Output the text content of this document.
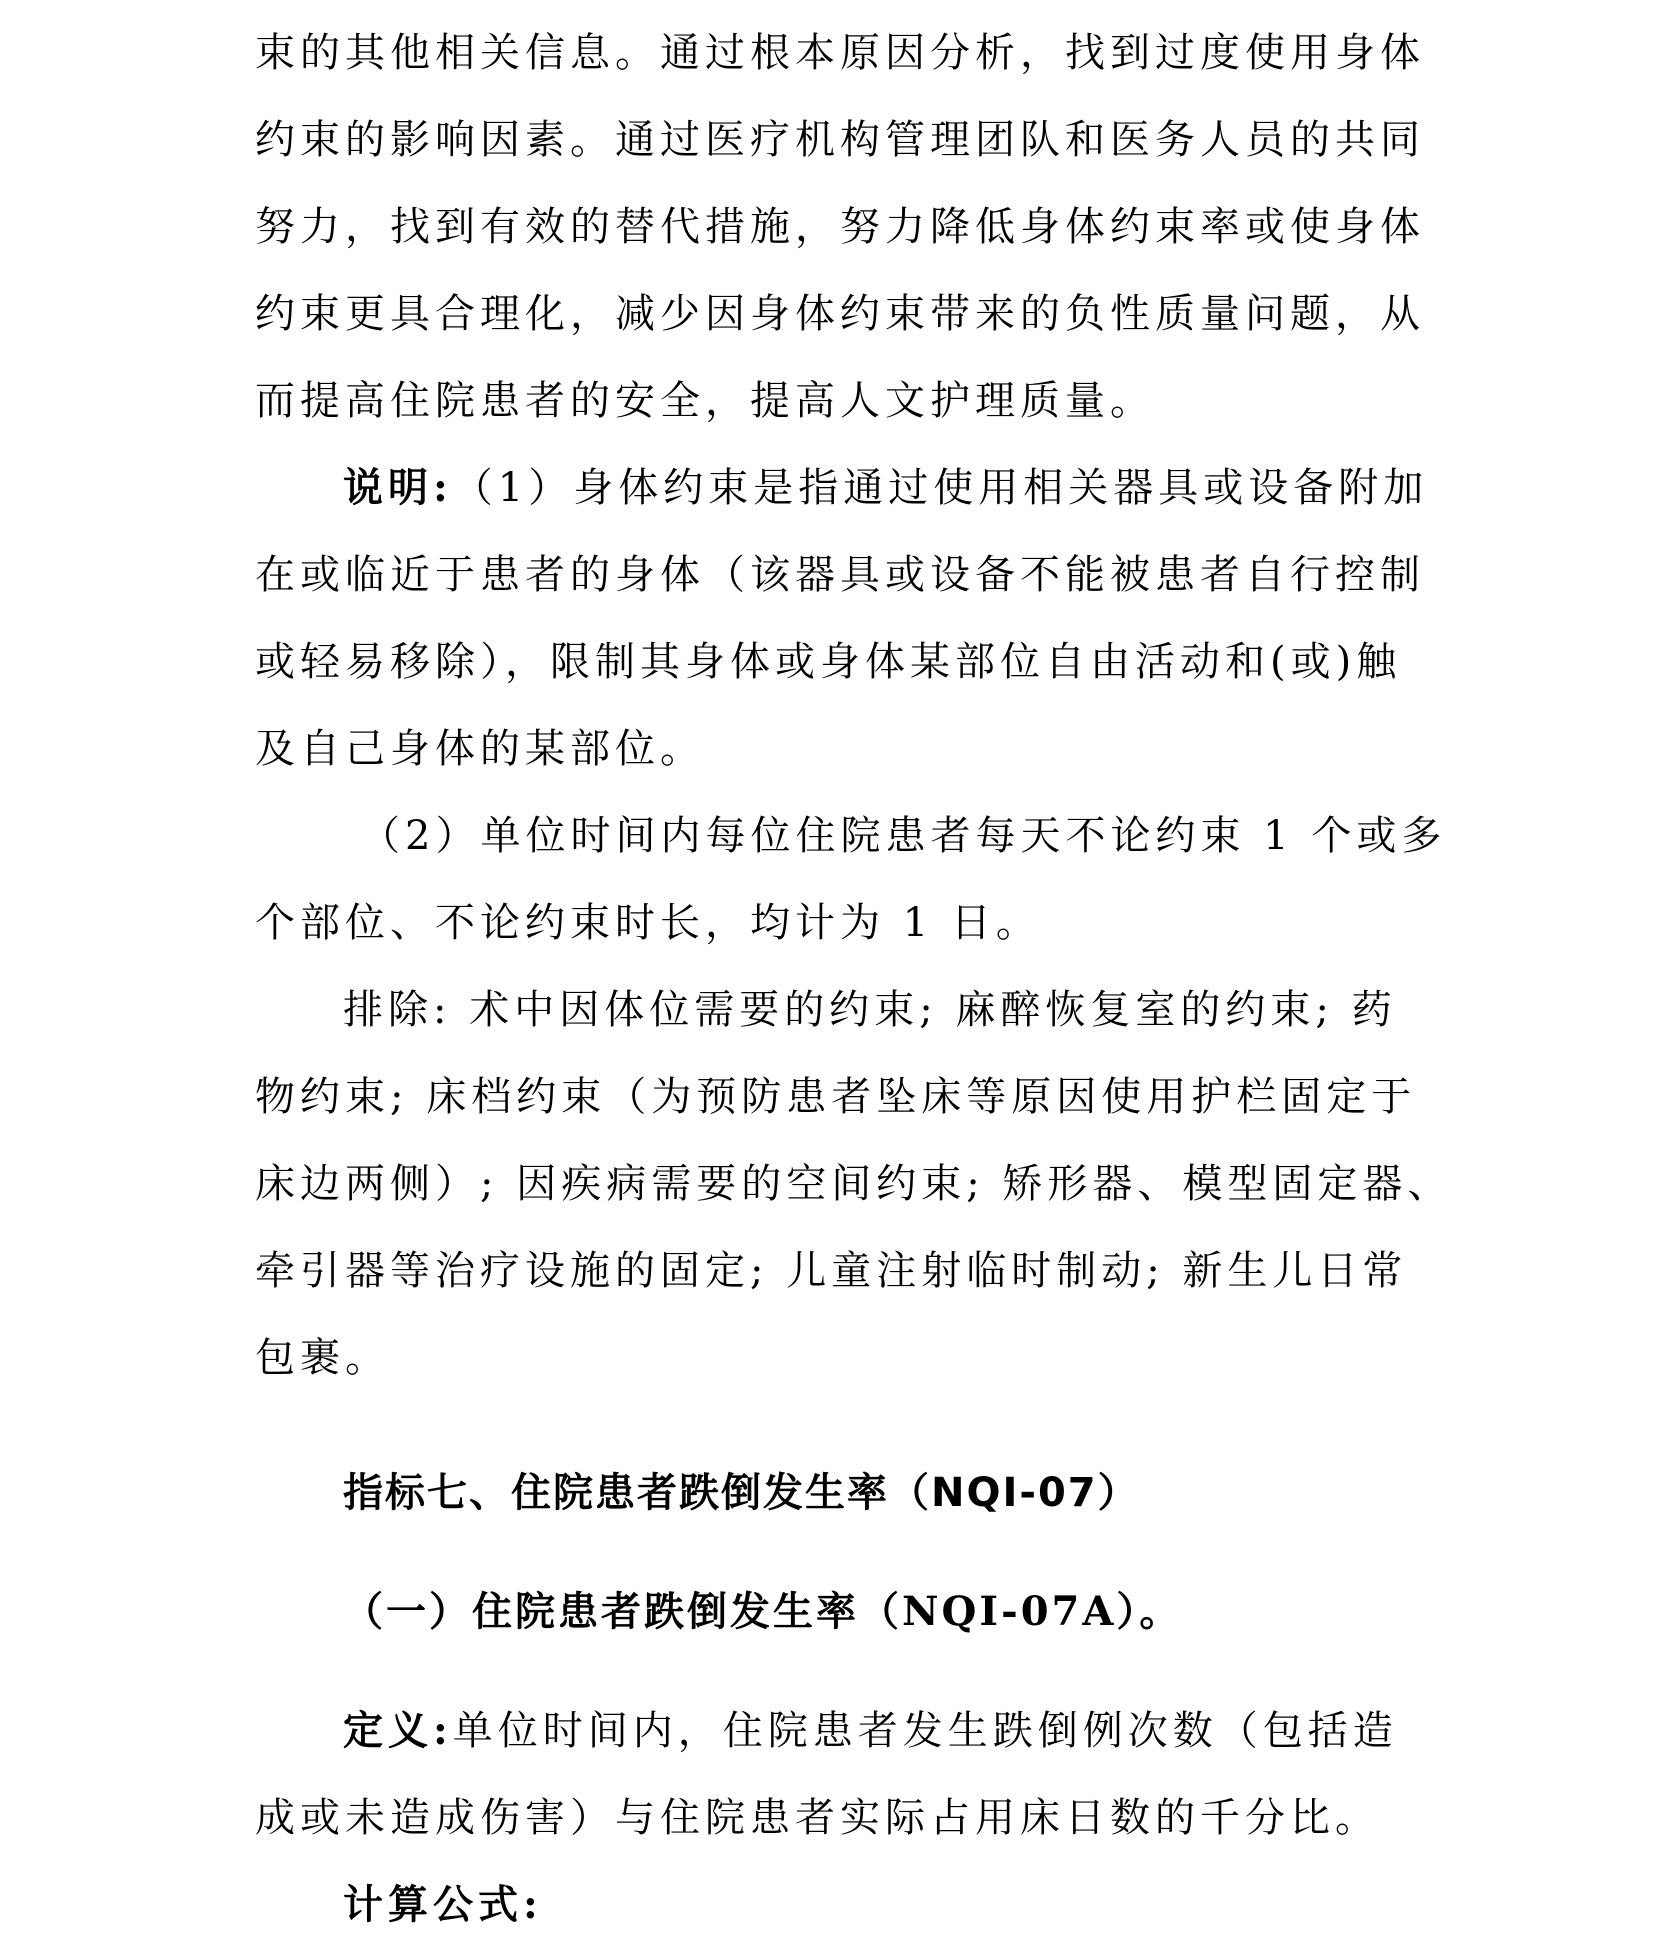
束的其他相关信息。通过根本原因分析，找到过度使用身体
约束的影响因素。通过医疗机构管理团队和医务人员的共同
努力，找到有效的替代措施，努力降低身体约束率或使身体
约束更具合理化，减少因身体约束带来的负性质量问题，从
而提高住院患者的安全，提高人文护理质量。
说明:（1）身体约束是指通过使用相关器具或设备附加
在或临近于患者的身体（该器具或设备不能被患者自行控制
或轻易移除），限制其身体或身体某部位自由活动和(或)触
及自己身体的某部位。
（2）单位时间内每位住院患者每天不论约束 1 个或多
个部位、不论约束时长，均计为 1 日。
排除: 术中因体位需要的约束; 麻醉恢复室的约束; 药
物约束; 床档约束（为预防患者坠床等原因使用护栏固定于
床边两侧）; 因疾病需要的空间约束; 矫形器、模型固定器、
牵引器等治疗设施的固定; 儿童注射临时制动; 新生儿日常
包裹。
指标七、住院患者跌倒发生率（NQI-07）
（一）住院患者跌倒发生率（NQI-07A）。
定义:单位时间内，住院患者发生跌倒例次数（包括造
成或未造成伤害）与住院患者实际占用床日数的千分比。
计算公式:
